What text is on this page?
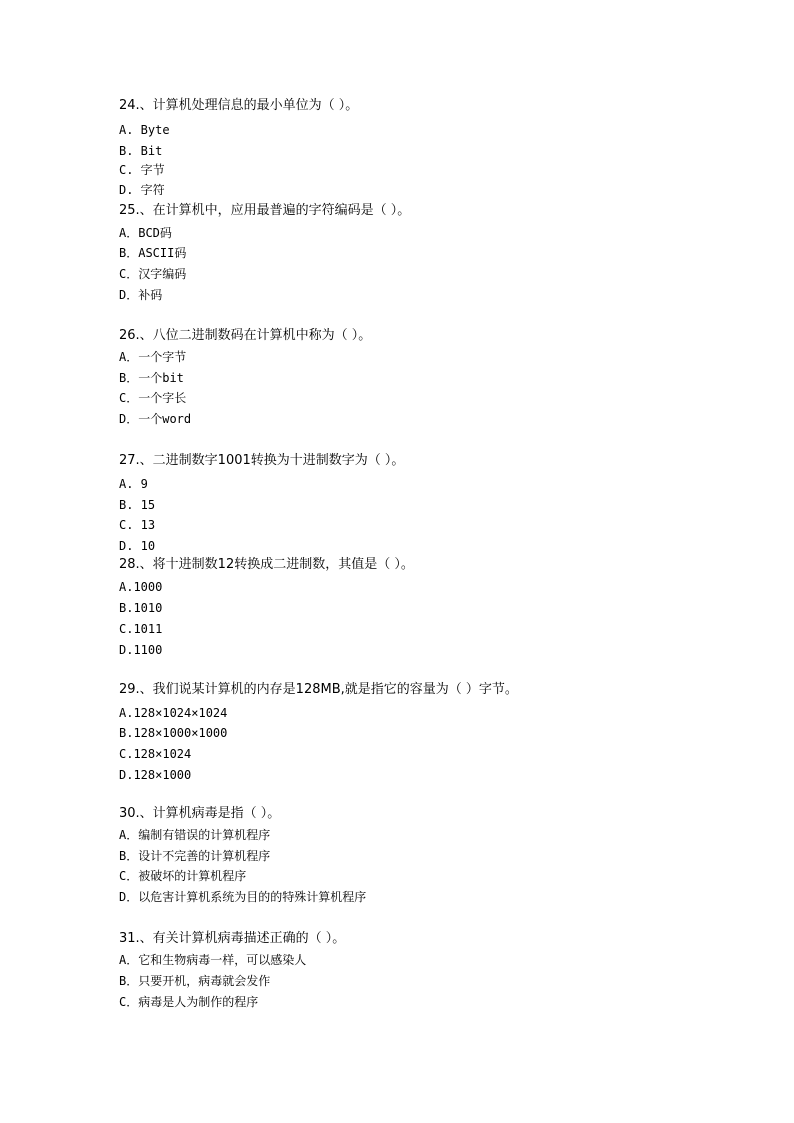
24.、计算机处理信息的最小单位为（ ）。
A. Byte
B. Bit
C. 字节
D. 字符
25.、在计算机中，应用最普遍的字符编码是（ ）。
A．BCD码
B．ASCII码
C．汉字编码
D．补码
26.、八位二进制数码在计算机中称为（ ）。
A．一个字节
B．一个bit
C．一个字长
D．一个word
27.、二进制数字1001转换为十进制数字为（ ）。
A. 9
B. 15
C. 13
D. 10
28.、将十进制数12转换成二进制数，其值是（ ）。
A.1000
B.1010
C.1011
D.1100
29.、我们说某计算机的内存是128MB,就是指它的容量为（ ）字节。
A.128×1024×1024
B.128×1000×1000
C.128×1024
D.128×1000
30.、计算机病毒是指（ ）。
A．编制有错误的计算机程序
B．设计不完善的计算机程序
C．被破坏的计算机程序
D．以危害计算机系统为目的的特殊计算机程序
31.、有关计算机病毒描述正确的（ ）。
A．它和生物病毒一样，可以感染人
B．只要开机，病毒就会发作
C．病毒是人为制作的程序
